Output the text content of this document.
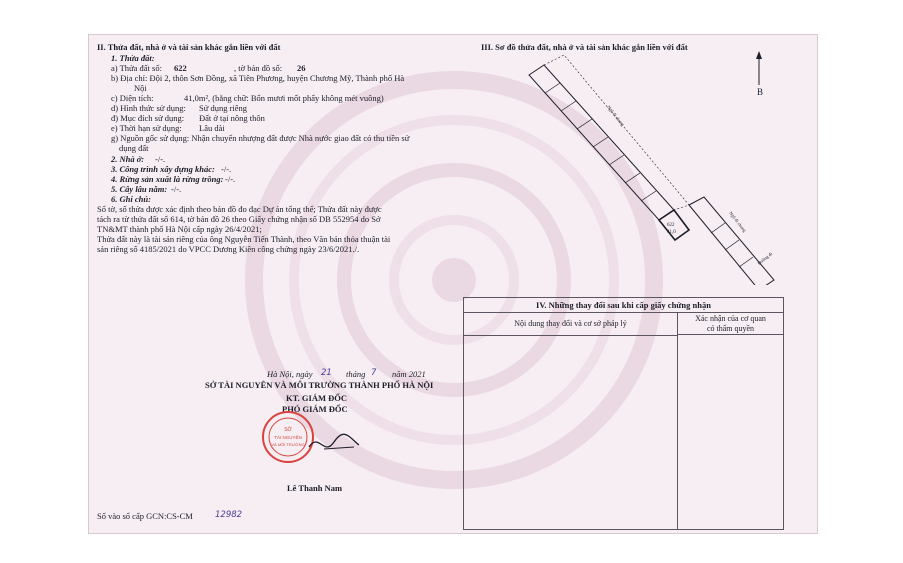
II. Thửa đất, nhà ở và tài sản khác gắn liền với đất
1. Thửa đất:
a) Thửa đất số: 622	, tờ bản đồ số: 26
b) Địa chỉ: Đội 2, thôn Sơn Đồng, xã Tiên Phương, huyện Chương Mỹ, Thành phố Hà
Nội
c) Diện tích:	41,0m², (bằng chữ: Bốn mươi mốt phẩy không mét vuông)
d) Hình thức sử dụng: Sử dụng riêng
đ) Mục đích sử dụng: Đất ở tại nông thôn
e) Thời hạn sử dụng: Lâu dài
g) Nguồn gốc sử dụng: Nhận chuyển nhượng đất được Nhà nước giao đất có thu tiền sử
dụng đất
2. Nhà ở: -/-.
3. Công trình xây dựng khác: -/-.
4. Rừng sản xuất là rừng trồng: -/-.
5. Cây lâu năm: -/-.
6. Ghi chú:
Sổ tờ, số thửa được xác định theo bản đồ đo đạc Dự án tổng thể; Thửa đất này được
tách ra từ thửa đất số 614, tờ bản đồ 26 theo Giấy chứng nhận số DB 552954 do Sở
TN&MT thành phố Hà Nội cấp ngày 26/4/2021;
Thửa đất này là tài sản riêng của ông Nguyễn Tiến Thành, theo Văn bản thỏa thuận tài
sản riêng số 4185/2021 do VPCC Dương Kiên công chứng ngày 23/6/2021./.
III. Sơ đồ thửa đất, nhà ở và tài sản khác gắn liền với đất
B
622
41,0
Ngõ đi chung
Ngõ đi chung
Đường đi
IV. Những thay đổi sau khi cấp giấy chứng nhận
Nội dung thay đổi và cơ sở pháp lý
Xác nhận của cơ quan
có thẩm quyền
Hà Nội, ngày 21 tháng 7 năm 2021
SỞ TÀI NGUYÊN VÀ MÔI TRƯỜNG THÀNH PHỐ HÀ NỘI
KT. GIÁM ĐỐC
PHÓ GIÁM ĐỐC
SỞ
TÀI NGUYÊN
VÀ MÔI TRƯỜNG
Lê Thanh Nam
Số vào sổ cấp GCN:CS-CM	12982
